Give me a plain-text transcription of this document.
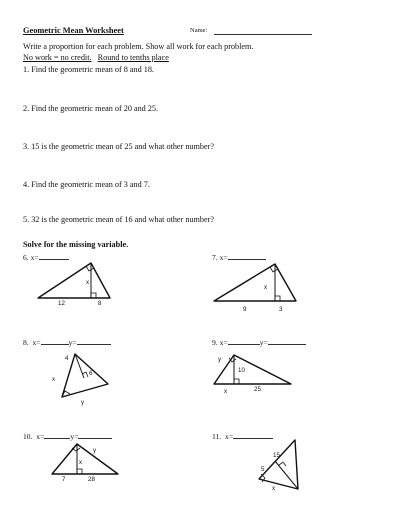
Geometric Mean Worksheet	Name:
Write a proportion for each problem. Show all work for each problem.
No work = no credit. Round to tenths place
1. Find the geometric mean of 8 and 18.
2. Find the geometric mean of 20 and 25.
3. 15 is the geometric mean of 25 and what other number?
4. Find the geometric mean of 3 and 7.
5. 32 is the geometric mean of 16 and what other number?
Solve for the missing variable.
6. x=
x
12	8
7. x=
x
9	3
8. x=	y=
4
6
x
y
9. x=	y=
10
25
x
y
10. x=	y=
x
y
7	28
11. x=
15
5
x
